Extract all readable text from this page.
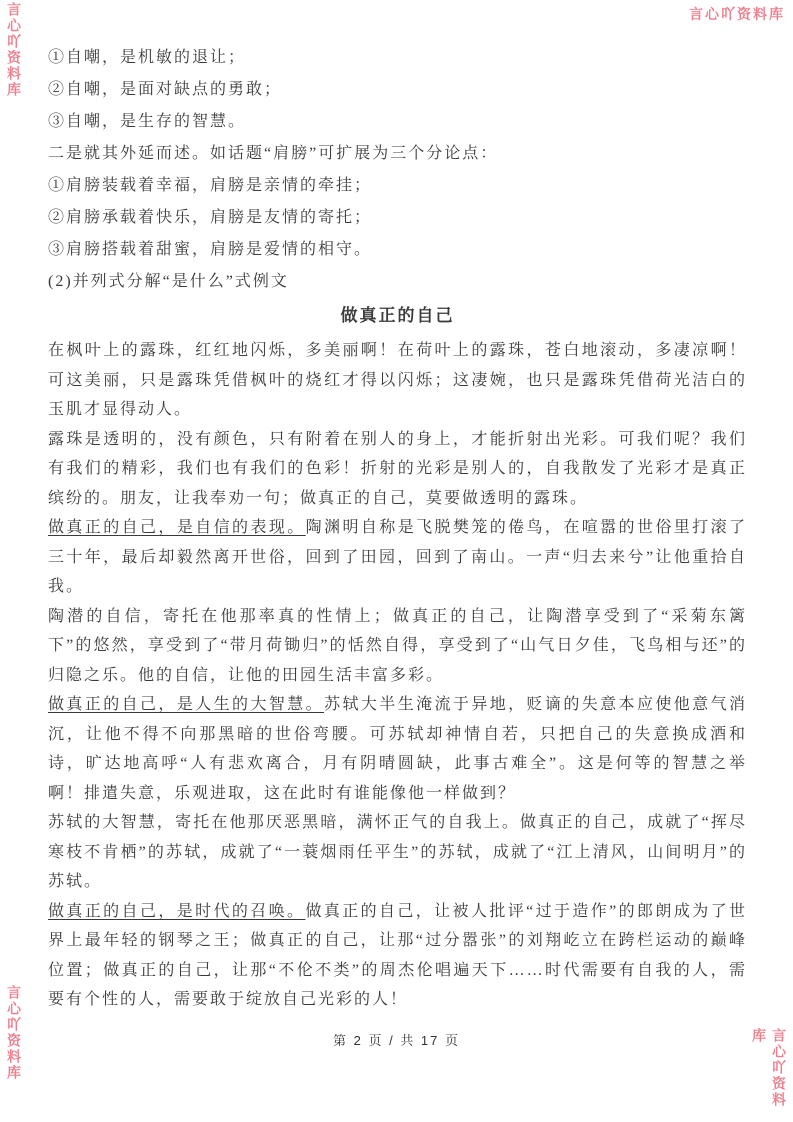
言心吖资料库	言心吖资料库
言心吖资料库	言心吖资料库

①自嘲，是机敏的退让；

②自嘲，是面对缺点的勇敢；

③自嘲，是生存的智慧。

二是就其外延而述。如话题“肩膀”可扩展为三个分论点：

①肩膀装载着幸福，肩膀是亲情的牵挂；

②肩膀承载着快乐，肩膀是友情的寄托；

③肩膀搭载着甜蜜，肩膀是爱情的相守。

(2)并列式分解“是什么”式例文

做真正的自己

在枫叶上的露珠，红红地闪烁，多美丽啊！在荷叶上的露珠，苍白地滚动，多凄凉啊！可这美丽，只是露珠凭借枫叶的烧红才得以闪烁；这凄婉，也只是露珠凭借荷光洁白的玉肌才显得动人。

露珠是透明的，没有颜色，只有附着在别人的身上，才能折射出光彩。可我们呢？我们有我们的精彩，我们也有我们的色彩！折射的光彩是别人的，自我散发了光彩才是真正缤纷的。朋友，让我奉劝一句；做真正的自己，莫要做透明的露珠。

做真正的自己，是自信的表现。陶渊明自称是飞脱樊笼的倦鸟，在喧嚣的世俗里打滚了三十年，最后却毅然离开世俗，回到了田园，回到了南山。一声“归去来兮”让他重拾自我。

陶潜的自信，寄托在他那率真的性情上；做真正的自己，让陶潜享受到了“采菊东篱下”的悠然，享受到了“带月荷锄归”的恬然自得，享受到了“山气日夕佳，飞鸟相与还”的归隐之乐。他的自信，让他的田园生活丰富多彩。

做真正的自己，是人生的大智慧。苏轼大半生淹流于异地，贬谪的失意本应使他意气消沉，让他不得不向那黑暗的世俗弯腰。可苏轼却神情自若，只把自己的失意换成酒和诗，旷达地高呼“人有悲欢离合，月有阴晴圆缺，此事古难全”。这是何等的智慧之举啊！排遣失意，乐观进取，这在此时有谁能像他一样做到？

苏轼的大智慧，寄托在他那厌恶黑暗，满怀正气的自我上。做真正的自己，成就了“挥尽寒枝不肯栖”的苏轼，成就了“一蓑烟雨任平生”的苏轼，成就了“江上清风，山间明月”的苏轼。

做真正的自己，是时代的召唤。做真正的自己，让被人批评“过于造作”的郎朗成为了世界上最年轻的钢琴之王；做真正的自己，让那“过分嚣张”的刘翔屹立在跨栏运动的巅峰位置；做真正的自己，让那“不伦不类”的周杰伦唱遍天下……时代需要有自我的人，需要有个性的人，需要敢于绽放自己光彩的人！

第 2 页 / 共 17 页
